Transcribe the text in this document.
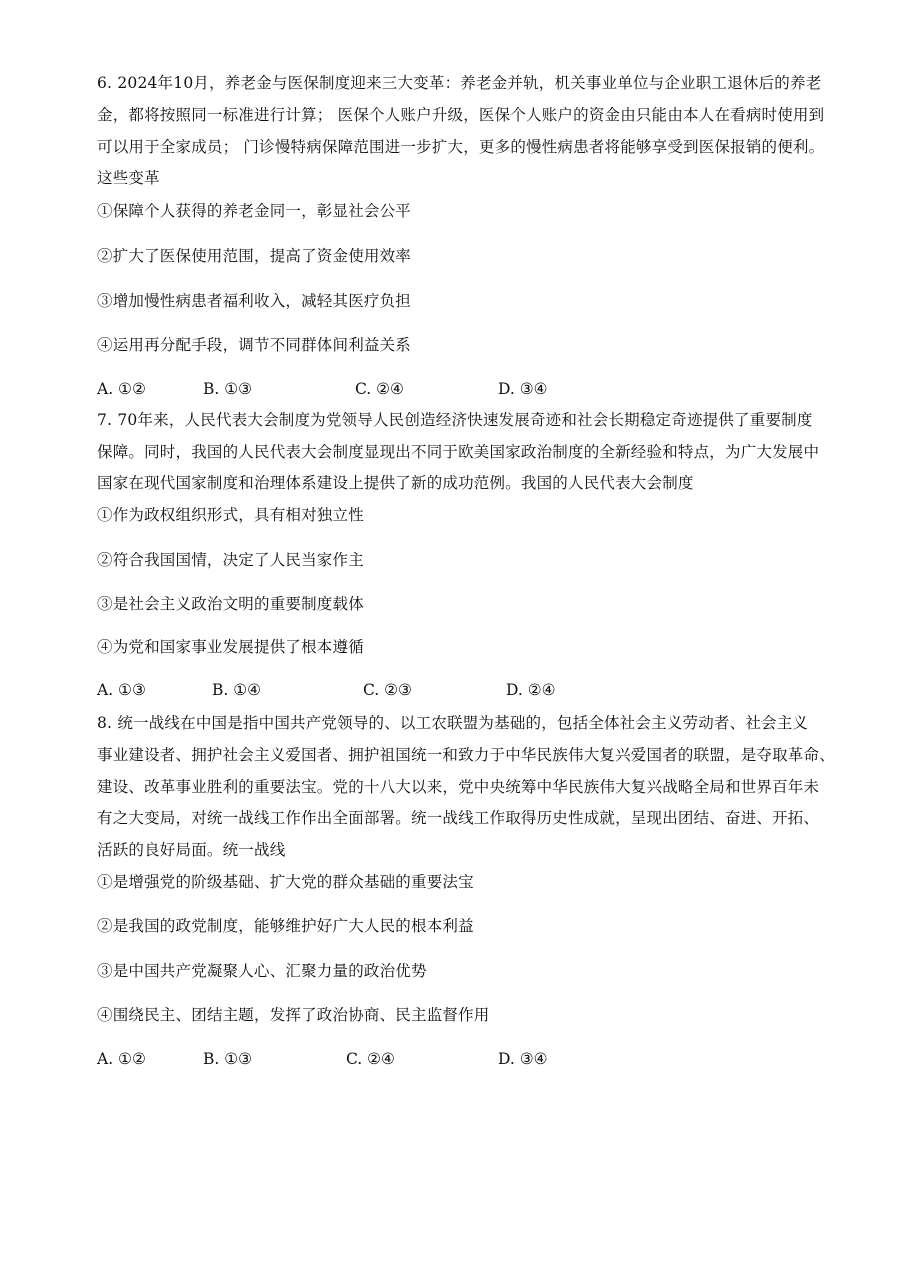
6. 2024年10月，养老金与医保制度迎来三大变革：养老金并轨，机关事业单位与企业职工退休后的养老
金，都将按照同一标准进行计算； 医保个人账户升级，医保个人账户的资金由只能由本人在看病时使用到
可以用于全家成员； 门诊慢特病保障范围进一步扩大，更多的慢性病患者将能够享受到医保报销的便利。
这些变革
①保障个人获得的养老金同一，彰显社会公平
②扩大了医保使用范围，提高了资金使用效率
③增加慢性病患者福利收入，减轻其医疗负担
④运用再分配手段，调节不同群体间利益关系
A. ①②	B. ①③	C. ②④	D. ③④
7. 70年来，人民代表大会制度为党领导人民创造经济快速发展奇迹和社会长期稳定奇迹提供了重要制度
保障。同时，我国的人民代表大会制度显现出不同于欧美国家政治制度的全新经验和特点，为广大发展中
国家在现代国家制度和治理体系建设上提供了新的成功范例。我国的人民代表大会制度
①作为政权组织形式，具有相对独立性
②符合我国国情，决定了人民当家作主
③是社会主义政治文明的重要制度载体
④为党和国家事业发展提供了根本遵循
A. ①③	B. ①④	C. ②③	D. ②④
8. 统一战线在中国是指中国共产党领导的、以工农联盟为基础的，包括全体社会主义劳动者、社会主义
事业建设者、拥护社会主义爱国者、拥护祖国统一和致力于中华民族伟大复兴爱国者的联盟，是夺取革命、
建设、改革事业胜利的重要法宝。党的十八大以来，党中央统筹中华民族伟大复兴战略全局和世界百年未
有之大变局，对统一战线工作作出全面部署。统一战线工作取得历史性成就，呈现出团结、奋进、开拓、
活跃的良好局面。统一战线
①是增强党的阶级基础、扩大党的群众基础的重要法宝
②是我国的政党制度，能够维护好广大人民的根本利益
③是中国共产党凝聚人心、汇聚力量的政治优势
④围绕民主、团结主题，发挥了政治协商、民主监督作用
A. ①②	B. ①③	C. ②④	D. ③④
